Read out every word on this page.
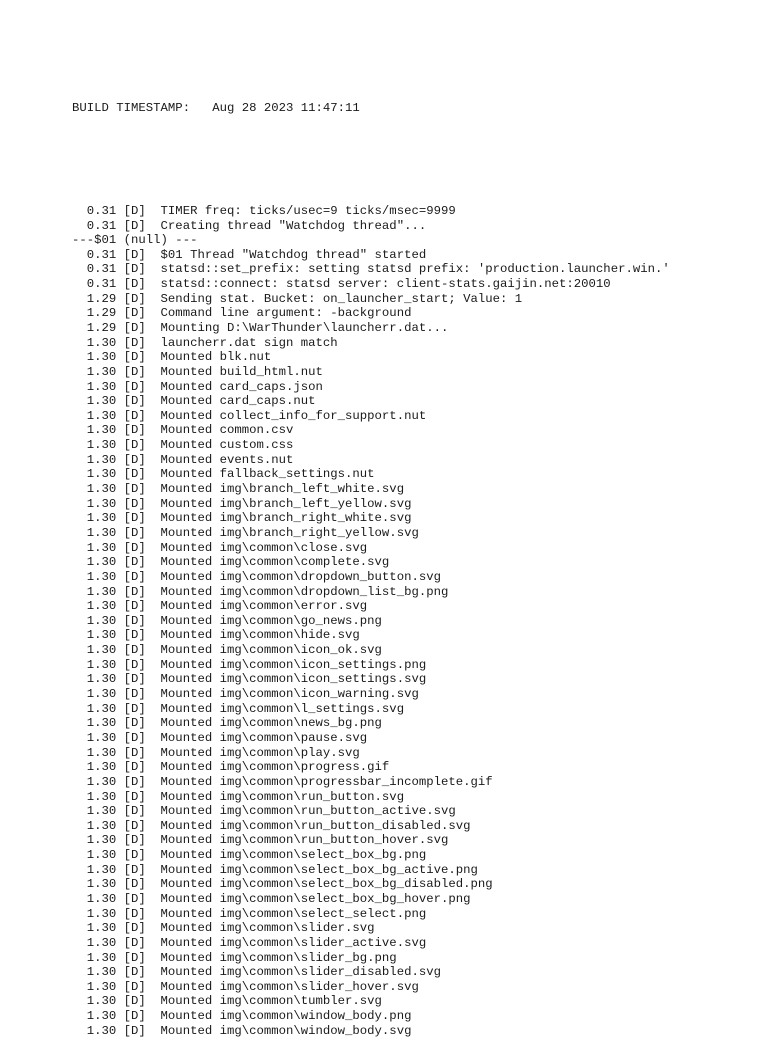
BUILD TIMESTAMP:   Aug 28 2023 11:47:11

0.31 [D]  TIMER freq: ticks/usec=9 ticks/msec=9999
0.31 [D]  Creating thread "Watchdog thread"...
---$01 (null) ---
0.31 [D]  $01 Thread "Watchdog thread" started
0.31 [D]  statsd::set_prefix: setting statsd prefix: 'production.launcher.win.'
0.31 [D]  statsd::connect: statsd server: client-stats.gaijin.net:20010
1.29 [D]  Sending stat. Bucket: on_launcher_start; Value: 1
1.29 [D]  Command line argument: -background
1.29 [D]  Mounting D:\WarThunder\launcherr.dat...
1.30 [D]  launcherr.dat sign match
1.30 [D]  Mounted blk.nut
1.30 [D]  Mounted build_html.nut
1.30 [D]  Mounted card_caps.json
1.30 [D]  Mounted card_caps.nut
1.30 [D]  Mounted collect_info_for_support.nut
1.30 [D]  Mounted common.csv
1.30 [D]  Mounted custom.css
1.30 [D]  Mounted events.nut
1.30 [D]  Mounted fallback_settings.nut
1.30 [D]  Mounted img\branch_left_white.svg
1.30 [D]  Mounted img\branch_left_yellow.svg
1.30 [D]  Mounted img\branch_right_white.svg
1.30 [D]  Mounted img\branch_right_yellow.svg
1.30 [D]  Mounted img\common\close.svg
1.30 [D]  Mounted img\common\complete.svg
1.30 [D]  Mounted img\common\dropdown_button.svg
1.30 [D]  Mounted img\common\dropdown_list_bg.png
1.30 [D]  Mounted img\common\error.svg
1.30 [D]  Mounted img\common\go_news.png
1.30 [D]  Mounted img\common\hide.svg
1.30 [D]  Mounted img\common\icon_ok.svg
1.30 [D]  Mounted img\common\icon_settings.png
1.30 [D]  Mounted img\common\icon_settings.svg
1.30 [D]  Mounted img\common\icon_warning.svg
1.30 [D]  Mounted img\common\l_settings.svg
1.30 [D]  Mounted img\common\news_bg.png
1.30 [D]  Mounted img\common\pause.svg
1.30 [D]  Mounted img\common\play.svg
1.30 [D]  Mounted img\common\progress.gif
1.30 [D]  Mounted img\common\progressbar_incomplete.gif
1.30 [D]  Mounted img\common\run_button.svg
1.30 [D]  Mounted img\common\run_button_active.svg
1.30 [D]  Mounted img\common\run_button_disabled.svg
1.30 [D]  Mounted img\common\run_button_hover.svg
1.30 [D]  Mounted img\common\select_box_bg.png
1.30 [D]  Mounted img\common\select_box_bg_active.png
1.30 [D]  Mounted img\common\select_box_bg_disabled.png
1.30 [D]  Mounted img\common\select_box_bg_hover.png
1.30 [D]  Mounted img\common\select_select.png
1.30 [D]  Mounted img\common\slider.svg
1.30 [D]  Mounted img\common\slider_active.svg
1.30 [D]  Mounted img\common\slider_bg.png
1.30 [D]  Mounted img\common\slider_disabled.svg
1.30 [D]  Mounted img\common\slider_hover.svg
1.30 [D]  Mounted img\common\tumbler.svg
1.30 [D]  Mounted img\common\window_body.png
1.30 [D]  Mounted img\common\window_body.svg
